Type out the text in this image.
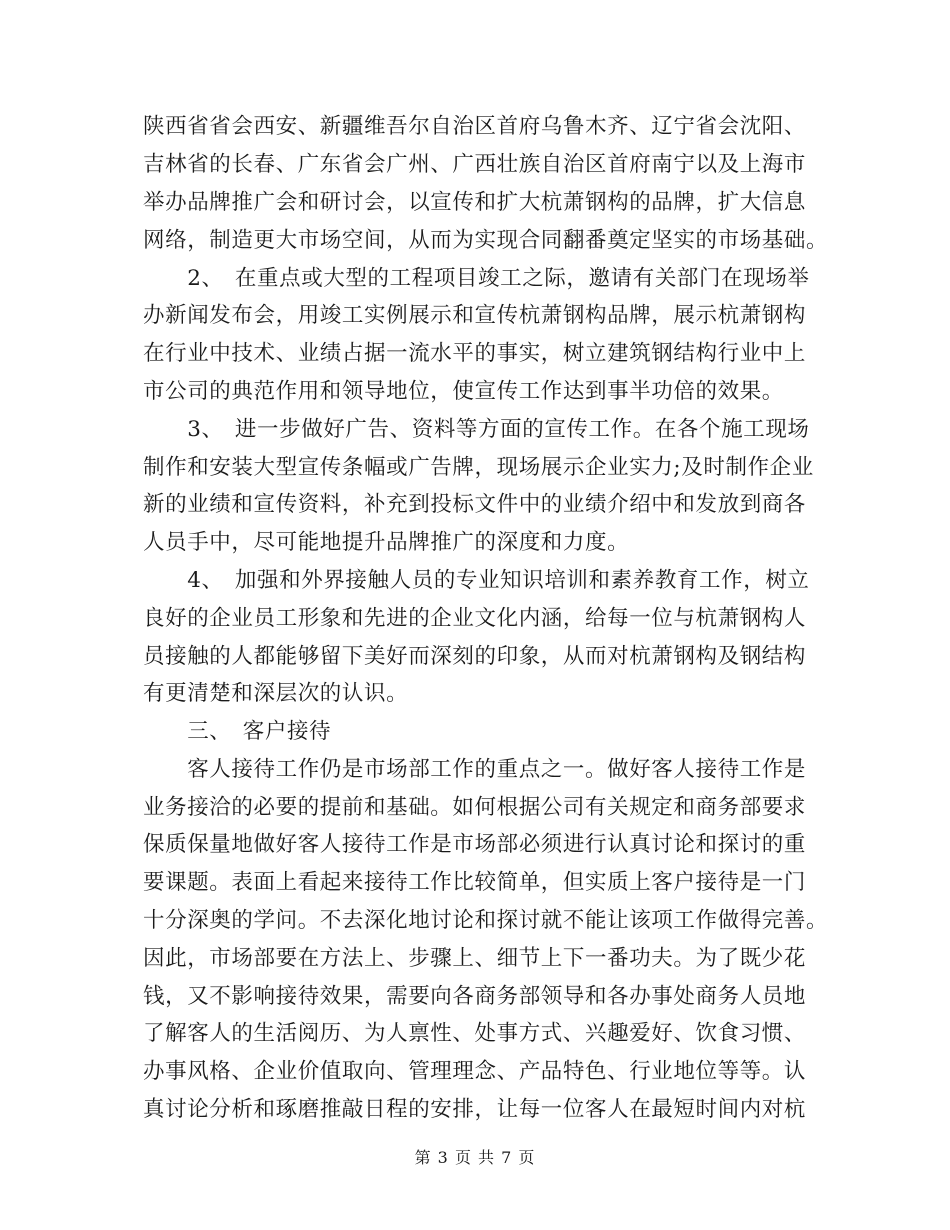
陕西省省会西安、新疆维吾尔自治区首府乌鲁木齐、辽宁省会沈阳、
吉林省的长春、广东省会广州、广西壮族自治区首府南宁以及上海市
举办品牌推广会和研讨会，以宣传和扩大杭萧钢构的品牌，扩大信息
网络，制造更大市场空间，从而为实现合同翻番奠定坚实的市场基础。
　　2、　在重点或大型的工程项目竣工之际，邀请有关部门在现场举
办新闻发布会，用竣工实例展示和宣传杭萧钢构品牌，展示杭萧钢构
在行业中技术、业绩占据一流水平的事实，树立建筑钢结构行业中上
市公司的典范作用和领导地位，使宣传工作达到事半功倍的效果。
　　3、　进一步做好广告、资料等方面的宣传工作。在各个施工现场
制作和安装大型宣传条幅或广告牌，现场展示企业实力;及时制作企业
新的业绩和宣传资料，补充到投标文件中的业绩介绍中和发放到商各
人员手中，尽可能地提升品牌推广的深度和力度。
　　4、　加强和外界接触人员的专业知识培训和素养教育工作，树立
良好的企业员工形象和先进的企业文化内涵，给每一位与杭萧钢构人
员接触的人都能够留下美好而深刻的印象，从而对杭萧钢构及钢结构
有更清楚和深层次的认识。
　　三、　客户接待
　　客人接待工作仍是市场部工作的重点之一。做好客人接待工作是
业务接洽的必要的提前和基础。如何根据公司有关规定和商务部要求
保质保量地做好客人接待工作是市场部必须进行认真讨论和探讨的重
要课题。表面上看起来接待工作比较简单，但实质上客户接待是一门
十分深奥的学问。不去深化地讨论和探讨就不能让该项工作做得完善。
因此，市场部要在方法上、步骤上、细节上下一番功夫。为了既少花
钱，又不影响接待效果，需要向各商务部领导和各办事处商务人员地
了解客人的生活阅历、为人禀性、处事方式、兴趣爱好、饮食习惯、
办事风格、企业价值取向、管理理念、产品特色、行业地位等等。认
真讨论分析和琢磨推敲日程的安排，让每一位客人在最短时间内对杭
第 3 页 共 7 页
